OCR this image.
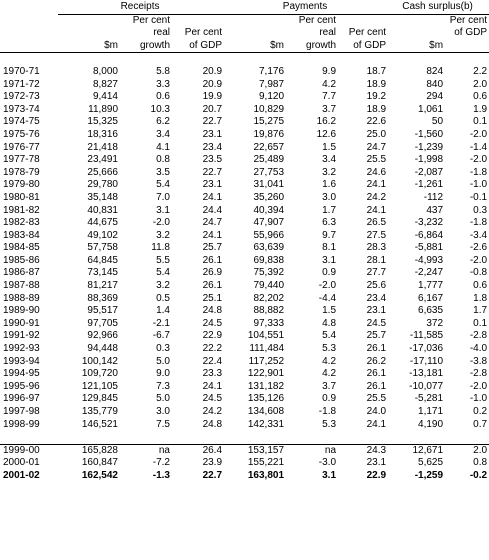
	Receipts			Payments			Cash surplus(b)	
		Per cent			Per cent			Per cent
		real	Per cent		real	Per cent		of GDP
	$m	growth	of GDP	$m	growth	of GDP	$m	

1970-71	8,000	5.8	20.9	7,176	9.9	18.7	824	2.2
1971-72	8,827	3.3	20.9	7,987	4.2	18.9	840	2.0
1972-73	9,414	0.6	19.9	9,120	7.7	19.2	294	0.6
1973-74	11,890	10.3	20.7	10,829	3.7	18.9	1,061	1.9
1974-75	15,325	6.2	22.7	15,275	16.2	22.6	50	0.1
1975-76	18,316	3.4	23.1	19,876	12.6	25.0	-1,560	-2.0
1976-77	21,418	4.1	23.4	22,657	1.5	24.7	-1,239	-1.4
1977-78	23,491	0.8	23.5	25,489	3.4	25.5	-1,998	-2.0
1978-79	25,666	3.5	22.7	27,753	3.2	24.6	-2,087	-1.8
1979-80	29,780	5.4	23.1	31,041	1.6	24.1	-1,261	-1.0
1980-81	35,148	7.0	24.1	35,260	3.0	24.2	-112	-0.1
1981-82	40,831	3.1	24.4	40,394	1.7	24.1	437	0.3
1982-83	44,675	-2.0	24.7	47,907	6.3	26.5	-3,232	-1.8
1983-84	49,102	3.2	24.1	55,966	9.7	27.5	-6,864	-3.4
1984-85	57,758	11.8	25.7	63,639	8.1	28.3	-5,881	-2.6
1985-86	64,845	5.5	26.1	69,838	3.1	28.1	-4,993	-2.0
1986-87	73,145	5.4	26.9	75,392	0.9	27.7	-2,247	-0.8
1987-88	81,217	3.2	26.1	79,440	-2.0	25.6	1,777	0.6
1988-89	88,369	0.5	25.1	82,202	-4.4	23.4	6,167	1.8
1989-90	95,517	1.4	24.8	88,882	1.5	23.1	6,635	1.7
1990-91	97,705	-2.1	24.5	97,333	4.8	24.5	372	0.1
1991-92	92,966	-6.7	22.9	104,551	5.4	25.7	-11,585	-2.8
1992-93	94,448	0.3	22.2	111,484	5.3	26.1	-17,036	-4.0
1993-94	100,142	5.0	22.4	117,252	4.2	26.2	-17,110	-3.8
1994-95	109,720	9.0	23.3	122,901	4.2	26.1	-13,181	-2.8
1995-96	121,105	7.3	24.1	131,182	3.7	26.1	-10,077	-2.0
1996-97	129,845	5.0	24.5	135,126	0.9	25.5	-5,281	-1.0
1997-98	135,779	3.0	24.2	134,608	-1.8	24.0	1,171	0.2
1998-99	146,521	7.5	24.8	142,331	5.3	24.1	4,190	0.7

1999-00	165,828	na	26.4	153,157	na	24.3	12,671	2.0
2000-01	160,847	-7.2	23.9	155,221	-3.0	23.1	5,625	0.8
2001-02	162,542	-1.3	22.7	163,801	3.1	22.9	-1,259	-0.2
